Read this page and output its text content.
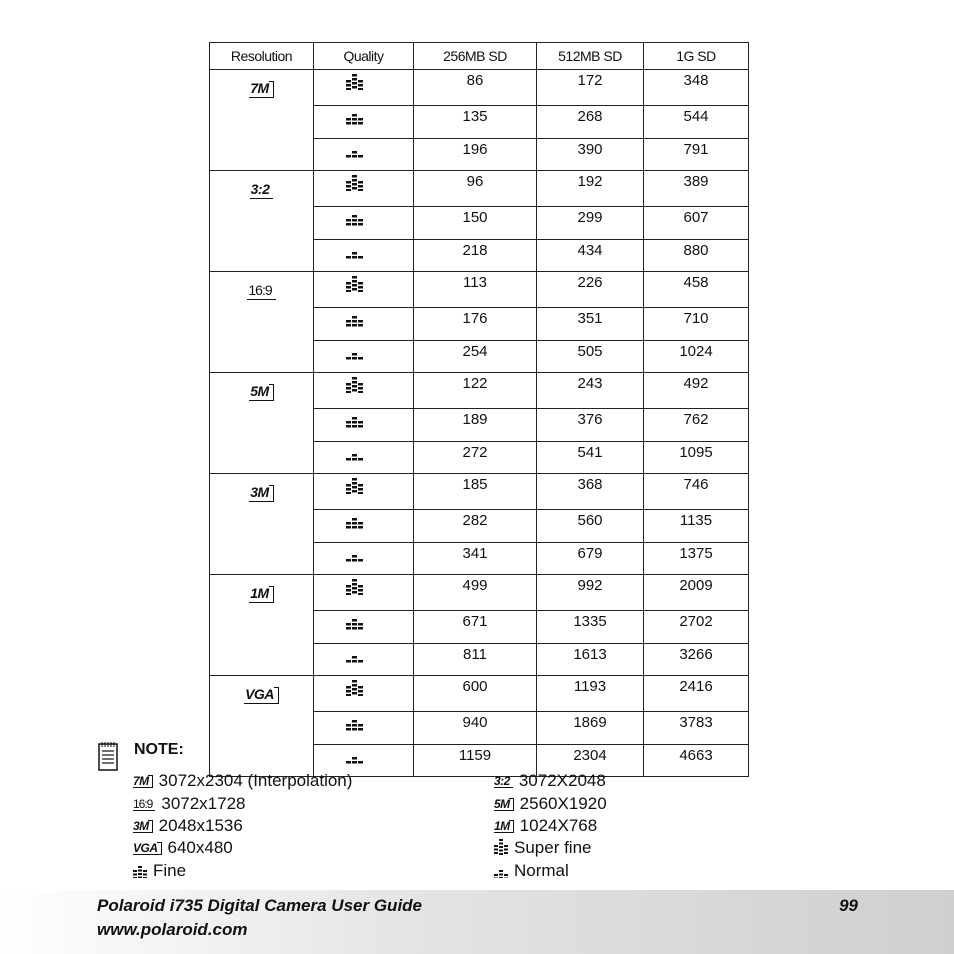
Resolution	Quality	256MB SD	512MB SD	1G SD
7M		86	172	348

		135	268	544

		196	390	791
3:2		96	192	389

		150	299	607

		218	434	880
16:9		113	226	458

		176	351	710

		254	505	1024
5M		122	243	492

		189	376	762

		272	541	1095
3M		185	368	746

		282	560	1135

		341	679	1375
1M		499	992	2009

		671	1335	2702

		811	1613	3266
VGA		600	1193	2416

		940	1869	3783

		1159	2304	4663
NOTE:
7M 3072x2304 (Interpolation)
16:9 3072x1728
3M 2048x1536
VGA 640x480
Fine
3:2 3072X2048
5M 2560X1920
1M 1024X768
Super fine
Normal
Polaroid i735 Digital Camera User Guide
www.polaroid.com
99
